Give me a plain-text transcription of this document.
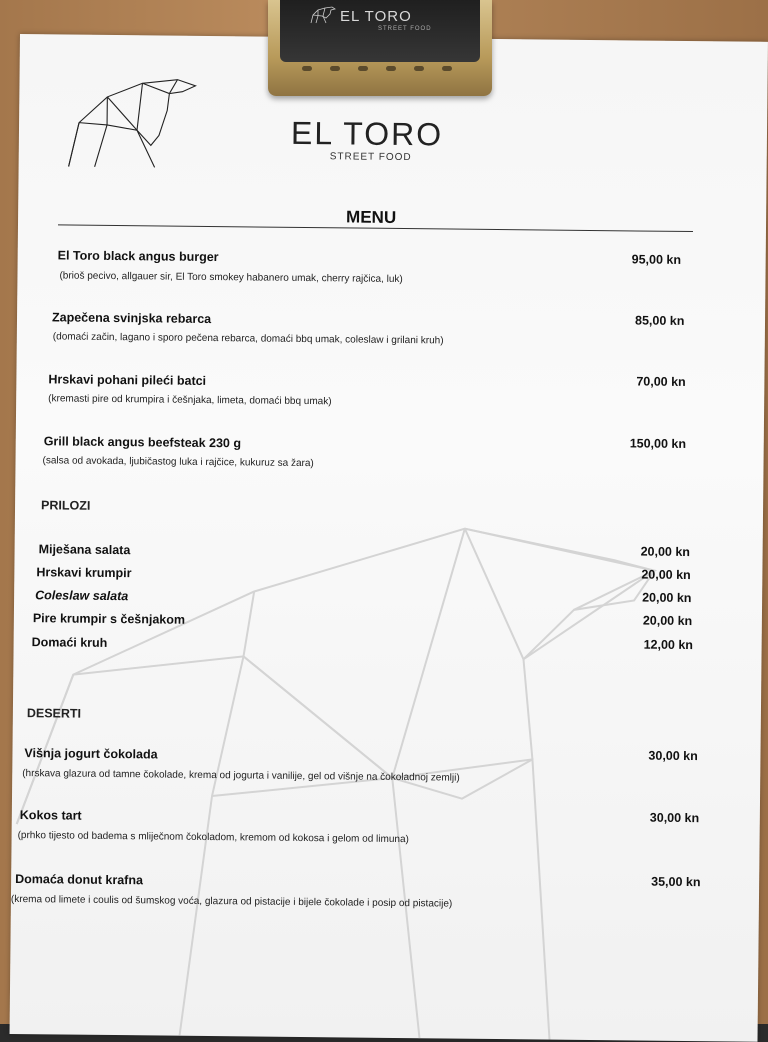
EL TORO
STREET FOOD
MENU
El Toro black angus burger
(brioš pecivo, allgauer sir, El Toro smokey habanero umak, cherry rajčica, luk)
95,00 kn
Zapečena svinjska rebarca
(domaći začin, lagano i sporo pečena rebarca, domaći bbq umak, coleslaw i grilani kruh)
85,00 kn
Hrskavi pohani pileći batci
(kremasti pire od krumpira i češnjaka, limeta, domaći bbq umak)
70,00 kn
Grill black angus beefsteak 230 g
(salsa od avokada, ljubičastog luka i rajčice, kukuruz sa žara)
150,00 kn
PRILOZI
Miješana salata	20,00 kn
Hrskavi krumpir	20,00 kn
Coleslaw salata	20,00 kn
Pire krumpir s češnjakom	20,00 kn
Domaći kruh	12,00 kn
DESERTI
Višnja jogurt čokolada
(hrskava glazura od tamne čokolade, krema od jogurta i vanilije, gel od višnje na čokoladnoj zemlji)
30,00 kn
Kokos tart
(prhko tijesto od badema s mliječnom čokoladom, kremom od kokosa i gelom od limuna)
30,00 kn
Domaća donut krafna
(krema od limete i coulis od šumskog voća, glazura od pistacije i bijele čokolade i posip od pistacije)
35,00 kn
EL TORO
STREET FOOD
